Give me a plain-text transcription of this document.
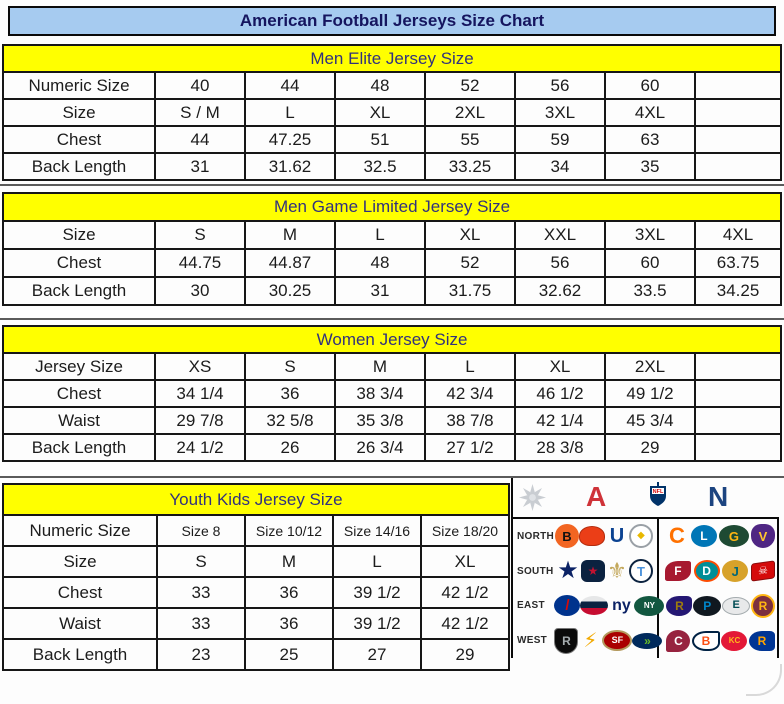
American Football Jerseys Size Chart
Men Elite Jersey Size							
Numeric Size	40	44	48	52	56	60	
Size	S / M	L	XL	2XL	3XL	4XL	
Chest	44	47.25	51	55	59	63	
Back Length	31	31.62	32.5	33.25	34	35	
Men Game Limited Jersey Size							
Size	S	M	L	XL	XXL	3XL	4XL
Chest	44.75	44.87	48	52	56	60	63.75
Back Length	30	30.25	31	31.75	32.62	33.5	34.25
Women Jersey Size							
Jersey Size	XS	S	M	L	XL	2XL	
Chest	34 1/4	36	38 3/4	42 3/4	46 1/2	49 1/2	
Waist	29 7/8	32 5/8	35 3/8	38 7/8	42 1/4	45 3/4	
Back Length	24 1/2	26	26 3/4	27 1/2	28 3/8	29	
Youth Kids Jersey Size				
Numeric Size	Size 8	Size 10/12	Size 14/16	Size 18/20
Size	S	M	L	XL
Chest	33	36	39 1/2	42 1/2
Waist	33	36	39 1/2	42 1/2
Back Length	23	25	27	29
A	NFL N
NORTH B	U	◆	C	L	G	V
SOUTH ★ ★ ⚜ T	F	D	J	☠
EAST	/	ny	NY	R	P	E	R
WEST	R ⚡	SF	»	C	B	KC	R
